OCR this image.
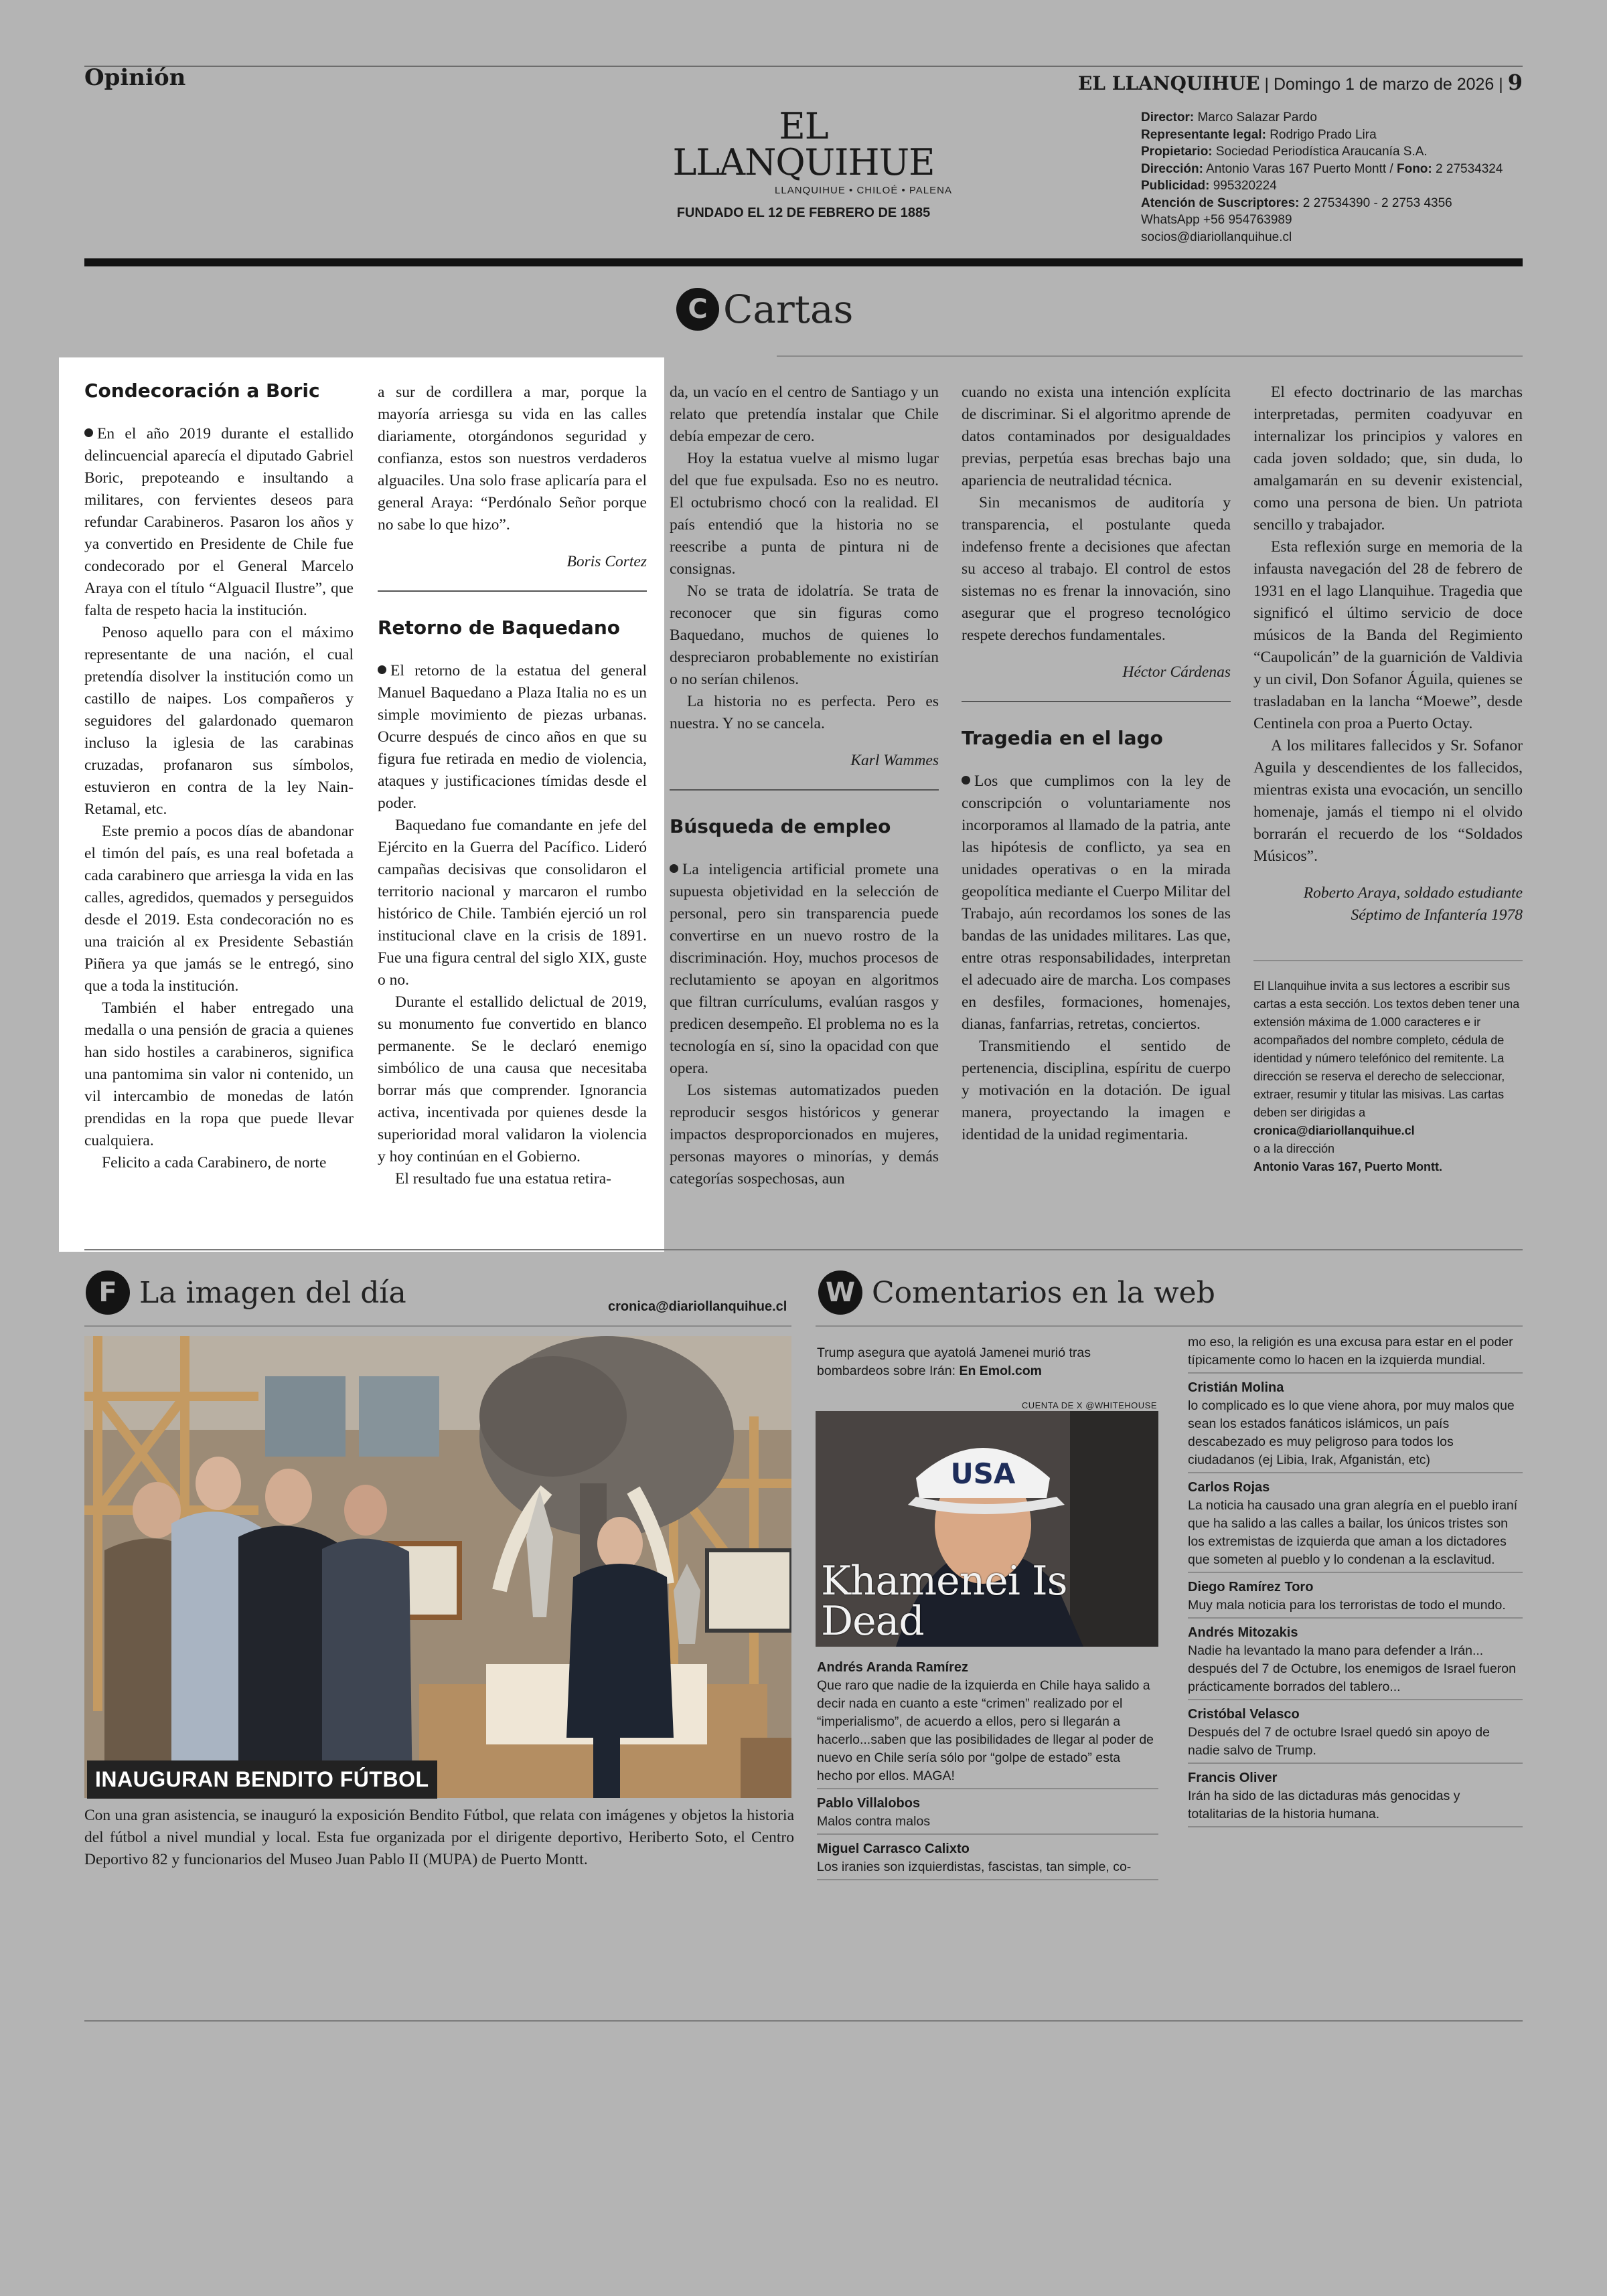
Opinión	EL LLANQUIHUE | Domingo 1 de marzo de 2026 | 9
EL LLANQUIHUE
LLANQUIHUE • CHILOÉ • PALENA
FUNDADO EL 12 DE FEBRERO DE 1885
Director: Marco Salazar Pardo
Representante legal: Rodrigo Prado Lira
Propietario: Sociedad Periodística Araucanía S.A.
Dirección: Antonio Varas 167 Puerto Montt / Fono: 2 27534324
Publicidad: 995320224
Atención de Suscriptores: 2 27534390 - 2 2753 4356
WhatsApp +56 954763989
socios@diariollanquihue.cl
C Cartas
Condecoración a Boric

En el año 2019 durante el estallido delincuencial aparecía el diputado Gabriel Boric, prepoteando e insultando a militares, con fervientes deseos para refundar Carabineros. Pasaron los años y ya convertido en Presidente de Chile fue condecorado por el General Marcelo Araya con el título “Alguacil Ilustre”, que falta de respeto hacia la institución.

Penoso aquello para con el máximo representante de una nación, el cual pretendía disolver la institución como un castillo de naipes. Los compañeros y seguidores del galardonado quemaron incluso la iglesia de las carabinas cruzadas, profanaron sus símbolos, estuvieron en contra de la ley Nain-Retamal, etc.

Este premio a pocos días de abandonar el timón del país, es una real bofetada a cada carabinero que arriesga la vida en las calles, agredidos, quemados y perseguidos desde el 2019. Esta condecoración no es una traición al ex Presidente Sebastián Piñera ya que jamás se le entregó, sino que a toda la institución.

También el haber entregado una medalla o una pensión de gracia a quienes han sido hostiles a carabineros, significa una pantomima sin valor ni contenido, un vil intercambio de monedas de latón prendidas en la ropa que puede llevar cualquiera.

Felicito a cada Carabinero, de norte

a sur de cordillera a mar, porque la mayoría arriesga su vida en las calles diariamente, otorgándonos seguridad y confianza, estos son nuestros verdaderos alguaciles. Una solo frase aplicaría para el general Araya: “Perdónalo Señor porque no sabe lo que hizo”.

Boris Cortez
Retorno de Baquedano

El retorno de la estatua del general Manuel Baquedano a Plaza Italia no es un simple movimiento de piezas urbanas. Ocurre después de cinco años en que su figura fue retirada en medio de violencia, ataques y justificaciones tímidas desde el poder.

Baquedano fue comandante en jefe del Ejército en la Guerra del Pacífico. Lideró campañas decisivas que consolidaron el territorio nacional y marcaron el rumbo histórico de Chile. También ejerció un rol institucional clave en la crisis de 1891. Fue una figura central del siglo XIX, guste o no.

Durante el estallido delictual de 2019, su monumento fue convertido en blanco permanente. Se le declaró enemigo simbólico de una causa que necesitaba borrar más que comprender. Ignorancia activa, incentivada por quienes desde la superioridad moral validaron la violencia y hoy continúan en el Gobierno.

El resultado fue una estatua retira-

da, un vacío en el centro de Santiago y un relato que pretendía instalar que Chile debía empezar de cero.

Hoy la estatua vuelve al mismo lugar del que fue expulsada. Eso no es neutro. El octubrismo chocó con la realidad. El país entendió que la historia no se reescribe a punta de pintura ni de consignas.

No se trata de idolatría. Se trata de reconocer que sin figuras como Baquedano, muchos de quienes lo despreciaron probablemente no existirían o no serían chilenos.

La historia no es perfecta. Pero es nuestra. Y no se cancela.

Karl Wammes
Búsqueda de empleo

La inteligencia artificial promete una supuesta objetividad en la selección de personal, pero sin transparencia puede convertirse en un nuevo rostro de la discriminación. Hoy, muchos procesos de reclutamiento se apoyan en algoritmos que filtran currículums, evalúan rasgos y predicen desempeño. El problema no es la tecnología en sí, sino la opacidad con que opera.

Los sistemas automatizados pueden reproducir sesgos históricos y generar impactos desproporcionados en mujeres, personas mayores o minorías, y demás categorías sospechosas, aun

cuando no exista una intención explícita de discriminar. Si el algoritmo aprende de datos contaminados por desigualdades previas, perpetúa esas brechas bajo una apariencia de neutralidad técnica.

Sin mecanismos de auditoría y transparencia, el postulante queda indefenso frente a decisiones que afectan su acceso al trabajo. El control de estos sistemas no es frenar la innovación, sino asegurar que el progreso tecnológico respete derechos fundamentales.

Héctor Cárdenas
Tragedia en el lago

Los que cumplimos con la ley de conscripción o voluntariamente nos incorporamos al llamado de la patria, ante las hipótesis de conflicto, ya sea en unidades operativas o en la mirada geopolítica mediante el Cuerpo Militar del Trabajo, aún recordamos los sones de las bandas de las unidades militares. Las que, entre otras responsabilidades, interpretan el adecuado aire de marcha. Los compases en desfiles, formaciones, homenajes, dianas, fanfarrias, retretas, conciertos.

Transmitiendo el sentido de pertenencia, disciplina, espíritu de cuerpo y motivación en la dotación. De igual manera, proyectando la imagen e identidad de la unidad regimentaria.

El efecto doctrinario de las marchas interpretadas, permiten coadyuvar en internalizar los principios y valores en cada joven soldado; que, sin duda, lo amalgamarán en su devenir existencial, como una persona de bien. Un patriota sencillo y trabajador.

Esta reflexión surge en memoria de la infausta navegación del 28 de febrero de 1931 en el lago Llanquihue. Tragedia que significó el último servicio de doce músicos de la Banda del Regimiento “Caupolicán” de la guarnición de Valdivia y un civil, Don Sofanor Águila, quienes se trasladaban en la lancha “Moewe”, desde Centinela con proa a Puerto Octay.

A los militares fallecidos y Sr. Sofanor Aguila y descendientes de los fallecidos, mientras exista una evocación, un sencillo homenaje, jamás el tiempo ni el olvido borrarán el recuerdo de los “Soldados Músicos”.

Roberto Araya, soldado estudiante
Séptimo de Infantería 1978
El Llanquihue invita a sus lectores a escribir sus cartas a esta sección. Los textos deben tener una extensión máxima de 1.000 caracteres e ir acompañados del nombre completo, cédula de identidad y número telefónico del remitente. La dirección se reserva el derecho de seleccionar, extraer, resumir y titular las misivas. Las cartas deben ser dirigidas a
cronica@diariollanquihue.cl
o a la dirección
Antonio Varas 167, Puerto Montt.
F La imagen del día	cronica@diariollanquihue.cl
INAUGURAN BENDITO FÚTBOL
Con una gran asistencia, se inauguró la exposición Bendito Fútbol, que relata con imágenes y objetos la historia del fútbol a nivel mundial y local. Esta fue organizada por el dirigente deportivo, Heriberto Soto, el Centro Deportivo 82 y funcionarios del Museo Juan Pablo II (MUPA) de Puerto Montt.
W Comentarios en la web
Trump asegura que ayatolá Jamenei murió tras bombardeos sobre Irán: En Emol.com
CUENTA DE X @WHITEHOUSE
USA
Khamenei Is Dead
Andrés Aranda Ramírez
Que raro que nadie de la izquierda en Chile haya salido a decir nada en cuanto a este “crimen” realizado por el “imperialismo”, de acuerdo a ellos, pero si llegarán a hacerlo...saben que las posibilidades de llegar al poder de nuevo en Chile sería sólo por “golpe de estado” esta hecho por ellos. MAGA!
Pablo Villalobos
Malos contra malos
Miguel Carrasco Calixto
Los iranies son izquierdistas, fascistas, tan simple, co-
mo eso, la religión es una excusa para estar en el poder típicamente como lo hacen en la izquierda mundial.
Cristián Molina
lo complicado es lo que viene ahora, por muy malos que sean los estados fanáticos islámicos, un país descabezado es muy peligroso para todos los ciudadanos (ej Libia, Irak, Afganistán, etc)
Carlos Rojas
La noticia ha causado una gran alegría en el pueblo iraní que ha salido a las calles a bailar, los únicos tristes son los extremistas de izquierda que aman a los dictadores que someten al pueblo y lo condenan a la esclavitud.
Diego Ramírez Toro
Muy mala noticia para los terroristas de todo el mundo.
Andrés Mitozakis
Nadie ha levantado la mano para defender a Irán... después del 7 de Octubre, los enemigos de Israel fueron prácticamente borrados del tablero...
Cristóbal Velasco
Después del 7 de octubre Israel quedó sin apoyo de nadie salvo de Trump.
Francis Oliver
Irán ha sido de las dictaduras más genocidas y totalitarias de la historia humana.
